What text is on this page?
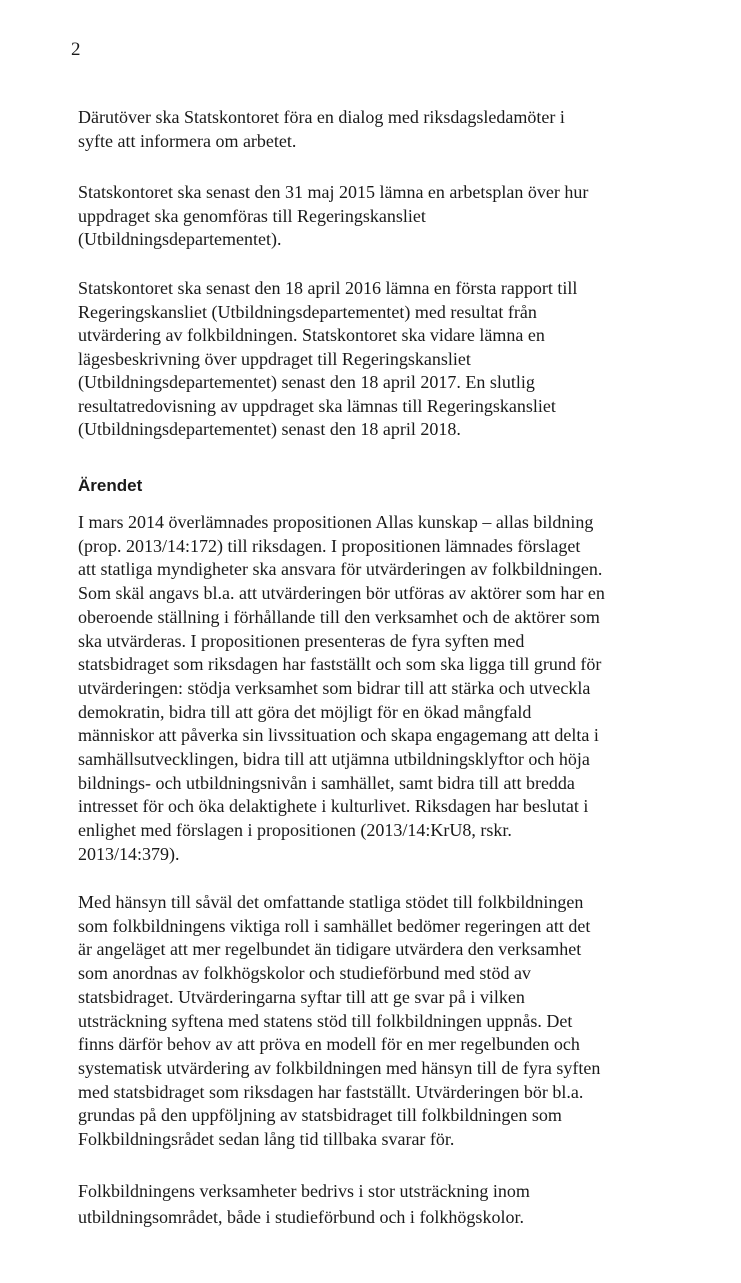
2
Därutöver ska Statskontoret föra en dialog med riksdagsledamöter i
syfte att informera om arbetet.
Statskontoret ska senast den 31 maj 2015 lämna en arbetsplan över hur
uppdraget ska genomföras till Regeringskansliet
(Utbildningsdepartementet).
Statskontoret ska senast den 18 april 2016 lämna en första rapport till
Regeringskansliet (Utbildningsdepartementet) med resultat från
utvärdering av folkbildningen. Statskontoret ska vidare lämna en
lägesbeskrivning över uppdraget till Regeringskansliet
(Utbildningsdepartementet) senast den 18 april 2017. En slutlig
resultatredovisning av uppdraget ska lämnas till Regeringskansliet
(Utbildningsdepartementet) senast den 18 april 2018.
Ärendet
I mars 2014 överlämnades propositionen Allas kunskap – allas bildning
(prop. 2013/14:172) till riksdagen. I propositionen lämnades förslaget
att statliga myndigheter ska ansvara för utvärderingen av folkbildningen.
Som skäl angavs bl.a. att utvärderingen bör utföras av aktörer som har en
oberoende ställning i förhållande till den verksamhet och de aktörer som
ska utvärderas. I propositionen presenteras de fyra syften med
statsbidraget som riksdagen har fastställt och som ska ligga till grund för
utvärderingen: stödja verksamhet som bidrar till att stärka och utveckla
demokratin, bidra till att göra det möjligt för en ökad mångfald
människor att påverka sin livssituation och skapa engagemang att delta i
samhällsutvecklingen, bidra till att utjämna utbildningsklyftor och höja
bildnings- och utbildningsnivån i samhället, samt bidra till att bredda
intresset för och öka delaktighete i kulturlivet. Riksdagen har beslutat i
enlighet med förslagen i propositionen (2013/14:KrU8, rskr.
2013/14:379).
Med hänsyn till såväl det omfattande statliga stödet till folkbildningen
som folkbildningens viktiga roll i samhället bedömer regeringen att det
är angeläget att mer regelbundet än tidigare utvärdera den verksamhet
som anordnas av folkhögskolor och studieförbund med stöd av
statsbidraget. Utvärderingarna syftar till att ge svar på i vilken
utsträckning syftena med statens stöd till folkbildningen uppnås. Det
finns därför behov av att pröva en modell för en mer regelbunden och
systematisk utvärdering av folkbildningen med hänsyn till de fyra syften
med statsbidraget som riksdagen har fastställt. Utvärderingen bör bl.a.
grundas på den uppföljning av statsbidraget till folkbildningen som
Folkbildningsrådet sedan lång tid tillbaka svarar för.
Folkbildningens verksamheter bedrivs i stor utsträckning inom
utbildningsområdet, både i studieförbund och i folkhögskolor.
